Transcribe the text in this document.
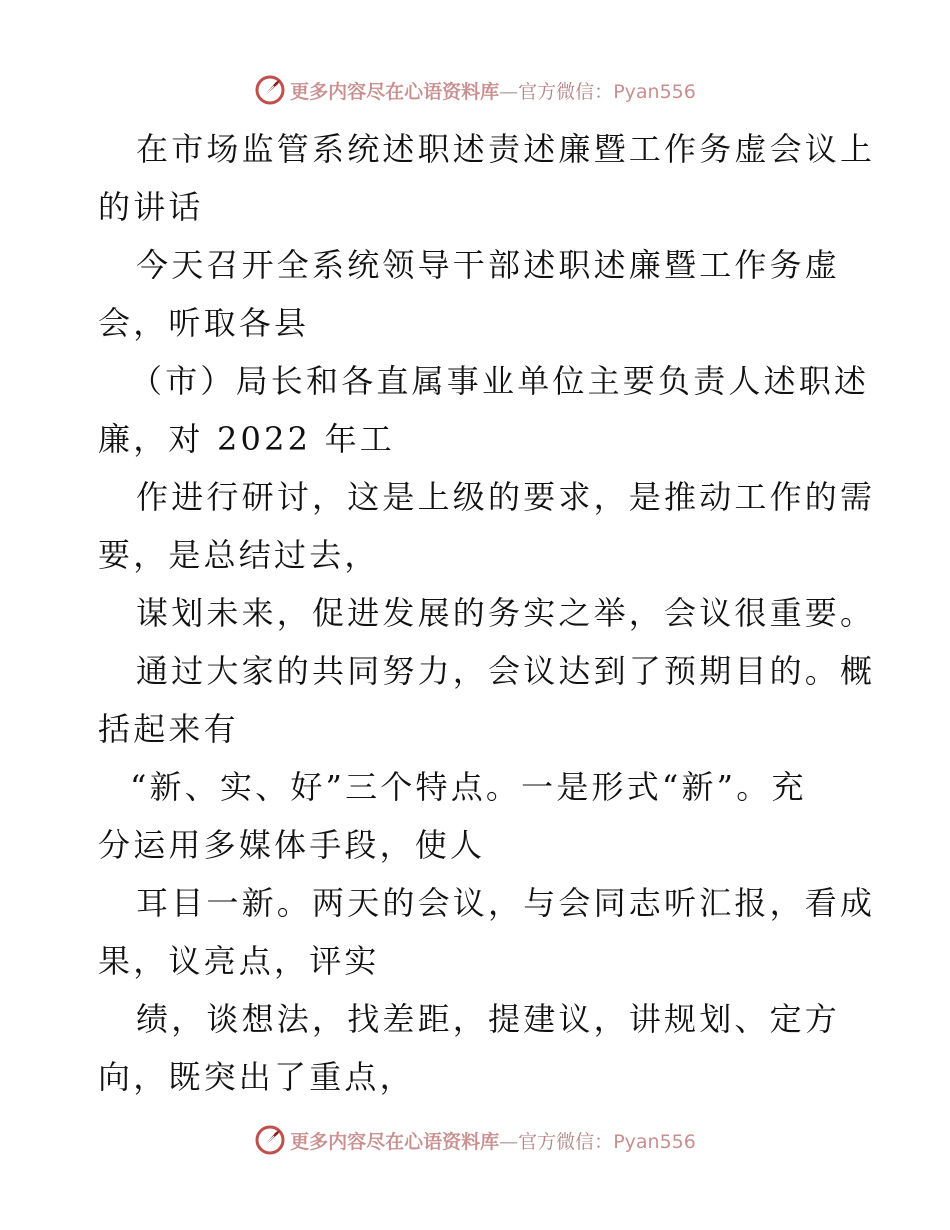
更多内容尽在心语资料库—官方微信：Pyan556
在市场监管系统述职述责述廉暨工作务虚会议上
的讲话
今天召开全系统领导干部述职述廉暨工作务虚
会，听取各县
（市）局长和各直属事业单位主要负责人述职述
廉，对 2022 年工
作进行研讨，这是上级的要求，是推动工作的需
要，是总结过去，
谋划未来，促进发展的务实之举，会议很重要。
通过大家的共同努力，会议达到了预期目的。概
括起来有
“新、实、好”三个特点。一是形式“新”。充
分运用多媒体手段，使人
耳目一新。两天的会议，与会同志听汇报，看成
果，议亮点，评实
绩，谈想法，找差距，提建议，讲规划、定方
向，既突出了重点，
更多内容尽在心语资料库—官方微信：Pyan556
